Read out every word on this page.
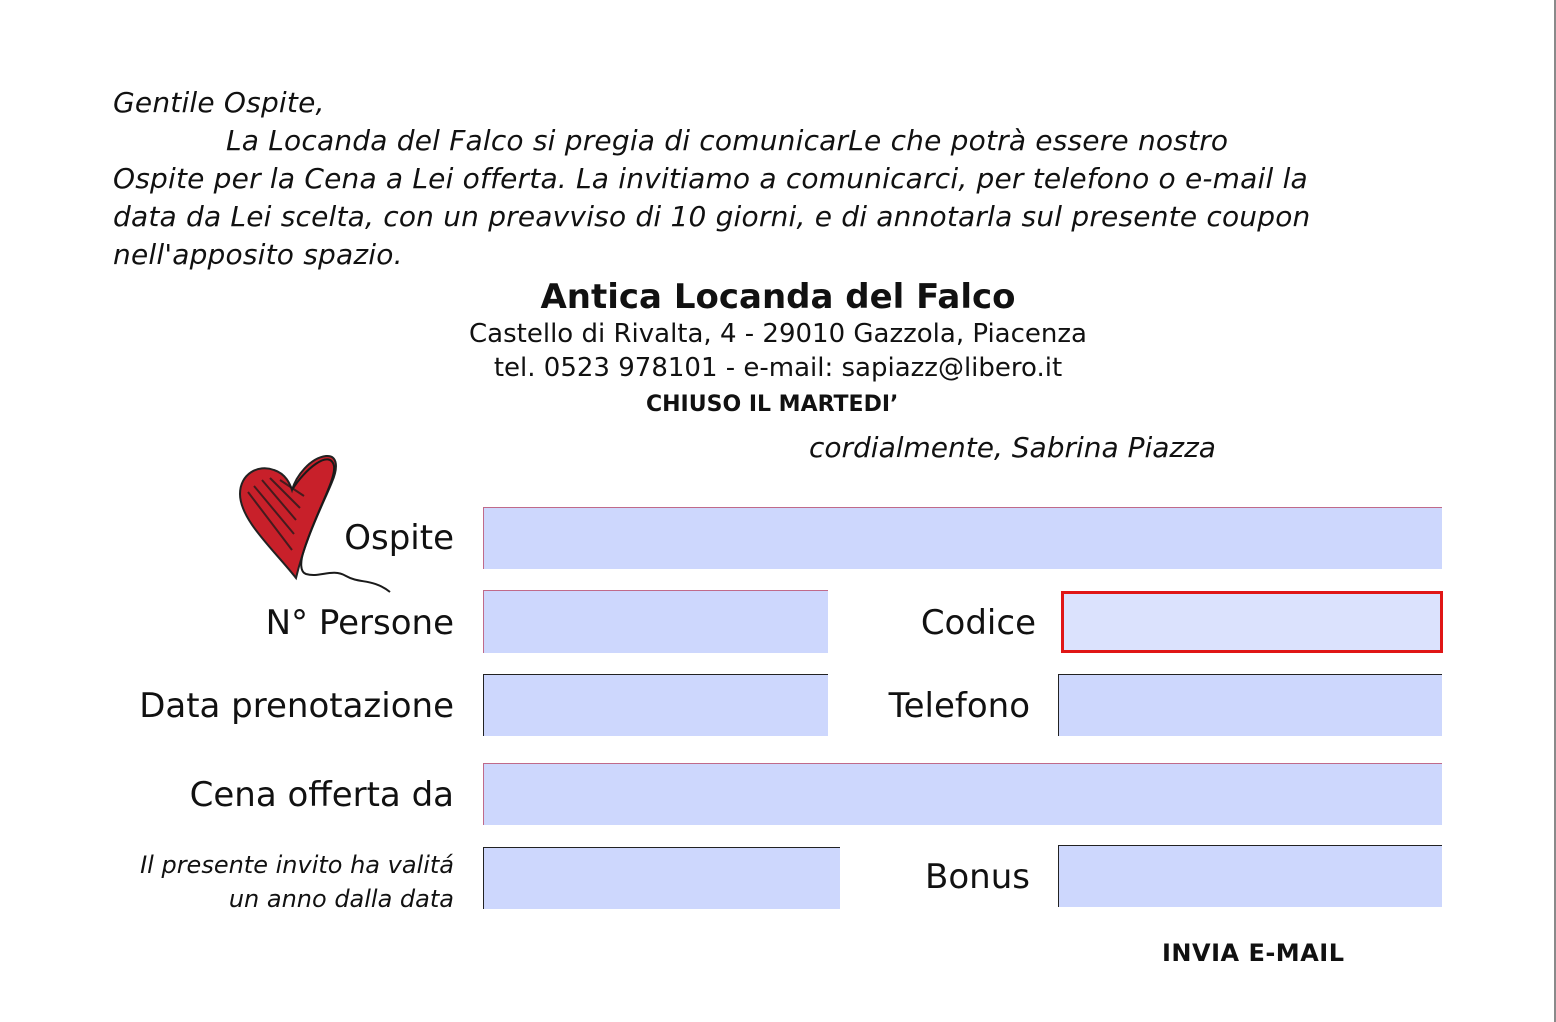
Gentile Ospite,

La Locanda del Falco si pregia di comunicarLe che potrà essere nostro

Ospite per la Cena a Lei offerta. La invitiamo a comunicarci, per telefono o e-mail la

data da Lei scelta, con un preavviso di 10 giorni, e di annotarla sul presente coupon

nell'apposito spazio.

Antica Locanda del Falco
Castello di Rivalta, 4 - 29010 Gazzola, Piacenza
tel. 0523 978101 - e-mail: sapiazz@libero.it
CHIUSO IL MARTEDI’
cordialmente, Sabrina Piazza
Ospite
N° Persone	Codice
Data prenotazione	Telefono
Cena offerta da
Il presente invito ha valitá
un anno dalla data
Bonus
INVIA E-MAIL
